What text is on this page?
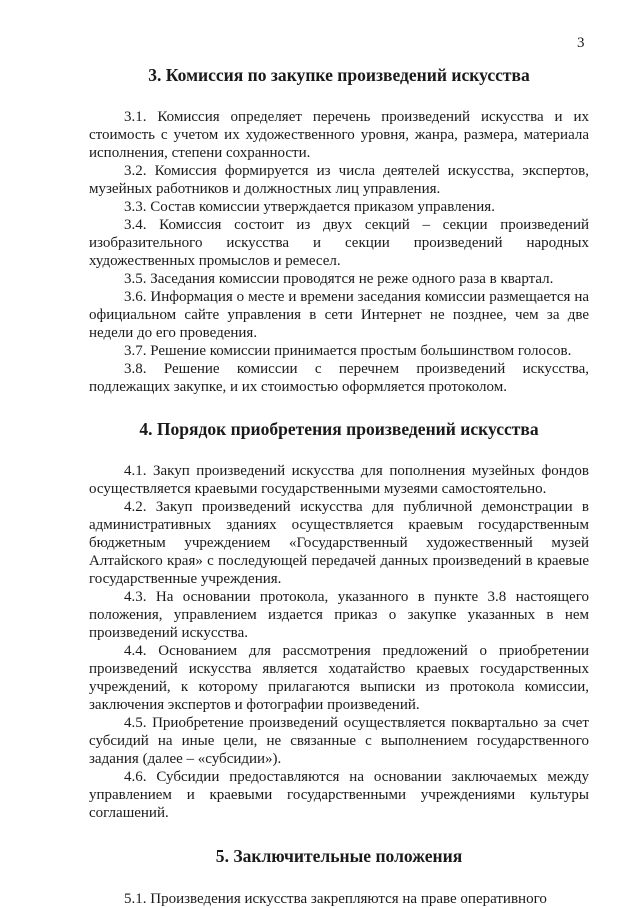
3
3. Комиссия по закупке произведений искусства

3.1. Комиссия определяет перечень произведений искусства и их стоимость с учетом их художественного уровня, жанра, размера, материала исполнения, степени сохранности.

3.2. Комиссия формируется из числа деятелей искусства, экспертов, музейных работников и должностных лиц управления.

3.3. Состав комиссии утверждается приказом управления.

3.4. Комиссия состоит из двух секций – секции произведений изобразительного искусства и секции произведений народных художественных промыслов и ремесел.

3.5. Заседания комиссии проводятся не реже одного раза в квартал.

3.6. Информация о месте и времени заседания комиссии размещается на официальном сайте управления в сети Интернет не позднее, чем за две недели до его проведения.

3.7. Решение комиссии принимается простым большинством голосов.

3.8. Решение комиссии с перечнем произведений искусства, подлежащих закупке, и их стоимостью оформляется протоколом.

4. Порядок приобретения произведений искусства

4.1. Закуп произведений искусства для пополнения музейных фондов осуществляется краевыми государственными музеями самостоятельно.

4.2. Закуп произведений искусства для публичной демонстрации в административных зданиях осуществляется краевым государственным бюджетным учреждением «Государственный художественный музей Алтайского края» с последующей передачей данных произведений в краевые государственные учреждения.

4.3. На основании протокола, указанного в пункте 3.8 настоящего положения, управлением издается приказ о закупке указанных в нем произведений искусства.

4.4. Основанием для рассмотрения предложений о приобретении произведений искусства является ходатайство краевых государственных учреждений, к которому прилагаются выписки из протокола комиссии, заключения экспертов и фотографии произведений.

4.5. Приобретение произведений осуществляется поквартально за счет субсидий на иные цели, не связанные с выполнением государственного задания (далее – «субсидии»).

4.6. Субсидии предоставляются на основании заключаемых между управлением и краевыми государственными учреждениями культуры соглашений.

5. Заключительные положения

5.1. Произведения искусства закрепляются на праве оперативного
